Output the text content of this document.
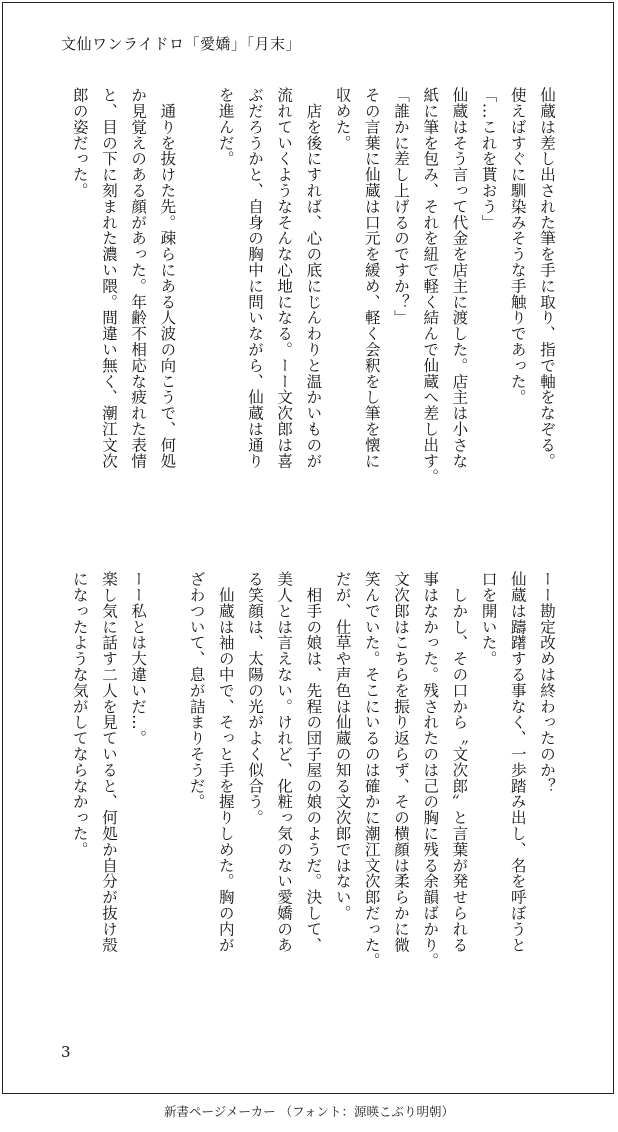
文仙ワンライドロ「愛嬌」「月末」

仙蔵は差し出された筆を手に取り、指で軸をなぞる。

使えばすぐに馴染みそうな手触りであった。

「…これを貰おう」

仙蔵はそう言って代金を店主に渡した。店主は小さな

紙に筆を包み、それを紐で軽く結んで仙蔵へ差し出す。

「誰かに差し上げるのですか？」

その言葉に仙蔵は口元を緩め、軽く会釈をし筆を懐に

収めた。

　店を後にすれば、心の底にじんわりと温かいものが

流れていくようなそんな心地になる。ーー文次郎は喜

ぶだろうかと、自身の胸中に問いながら、仙蔵は通り

を進んだ。

　通りを抜けた先。疎らにある人波の向こうで、何処

か見覚えのある顔があった。年齢不相応な疲れた表情

と、目の下に刻まれた濃い隈。間違い無く、潮江文次

郎の姿だった。

ーー勘定改めは終わったのか？

仙蔵は躊躇する事なく、一歩踏み出し、名を呼ぼうと

口を開いた。

　しかし、その口から〝文次郎〟と言葉が発せられる

事はなかった。残されたのは己の胸に残る余韻ばかり。

文次郎はこちらを振り返らず、その横顔は柔らかに微

笑んでいた。そこにいるのは確かに潮江文次郎だった。

だが、仕草や声色は仙蔵の知る文次郎ではない。

　相手の娘は、先程の団子屋の娘のようだ。決して、

美人とは言えない。けれど、化粧っ気のない愛嬌のあ

る笑顔は、太陽の光がよく似合う。

　仙蔵は袖の中で、そっと手を握りしめた。胸の内が

ざわついて、息が詰まりそうだ。

ーー私とは大違いだ…。

楽し気に話す二人を見ていると、何処か自分が抜け殻

になったような気がしてならなかった。

3
新書ページメーカー （フォント：源暎こぶり明朝）
